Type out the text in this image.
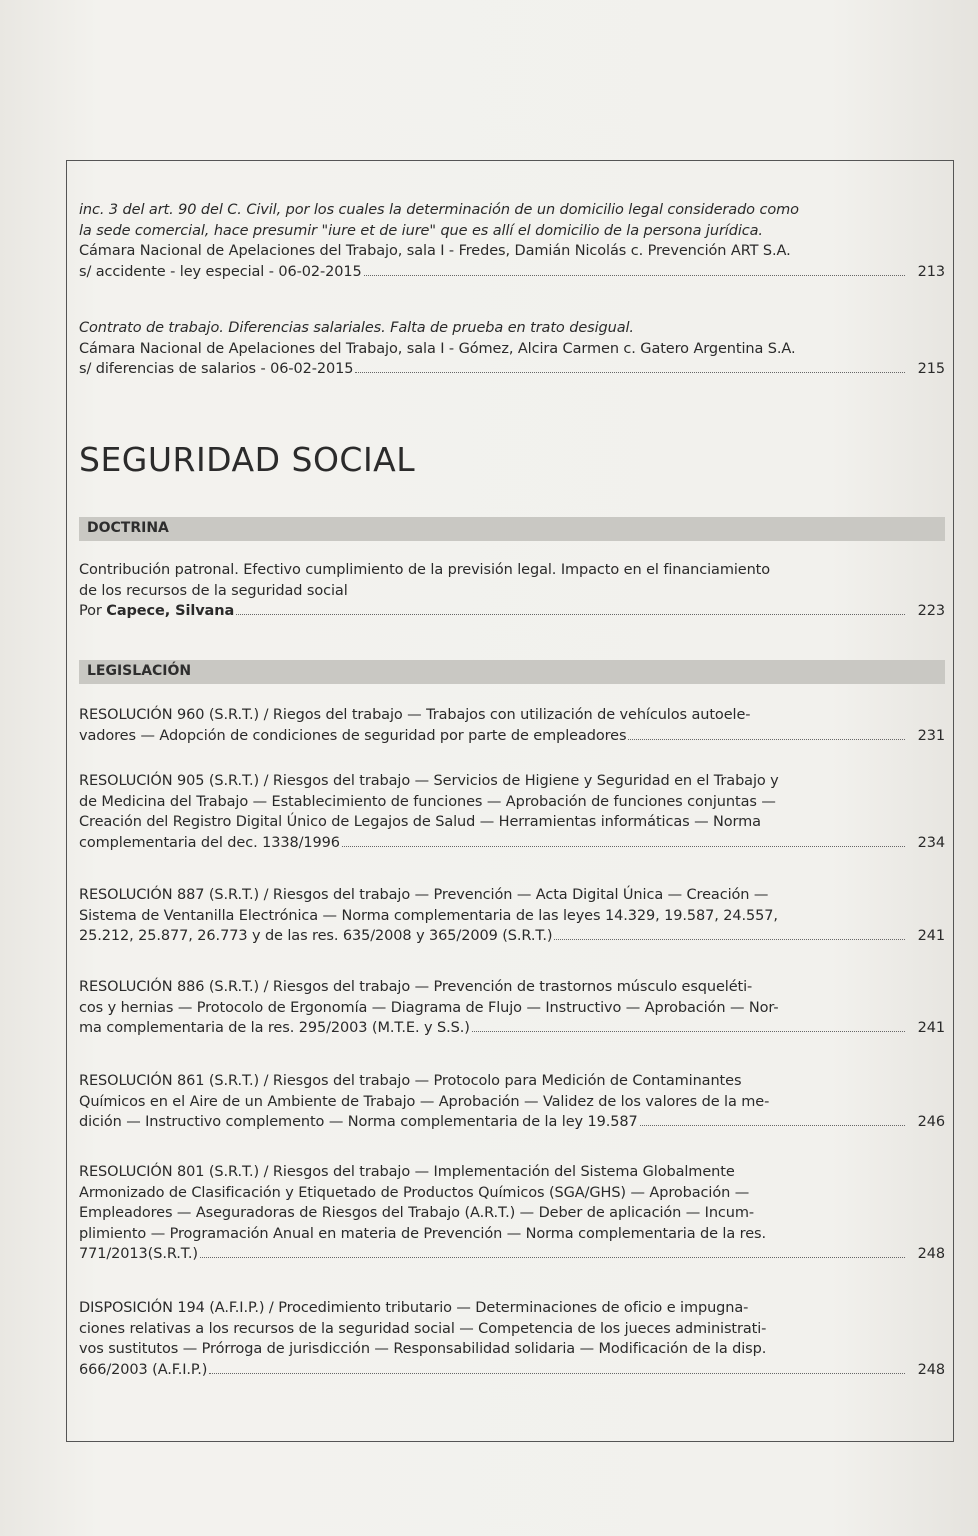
inc. 3 del art. 90 del C. Civil, por los cuales la determinación de un domicilio legal considerado como
la sede comercial, hace presumir "iure et de iure" que es allí el domicilio de la persona jurídica.
Cámara Nacional de Apelaciones del Trabajo, sala I - Fredes, Damián Nicolás c. Prevención ART S.A.
s/ accidente - ley especial - 06-02-2015	213
Contrato de trabajo. Diferencias salariales. Falta de prueba en trato desigual.
Cámara Nacional de Apelaciones del Trabajo, sala I - Gómez, Alcira Carmen c. Gatero Argentina S.A.
s/ diferencias de salarios - 06-02-2015	215
SEGURIDAD SOCIAL
DOCTRINA
Contribución patronal. Efectivo cumplimiento de la previsión legal. Impacto en el financiamiento
de los recursos de la seguridad social
Por Capece, Silvana	223
LEGISLACIÓN
RESOLUCIÓN 960 (S.R.T.) / Riegos del trabajo — Trabajos con utilización de vehículos autoele-
vadores — Adopción de condiciones de seguridad por parte de empleadores	231
RESOLUCIÓN 905 (S.R.T.) / Riesgos del trabajo — Servicios de Higiene y Seguridad en el Trabajo y
de Medicina del Trabajo — Establecimiento de funciones — Aprobación de funciones conjuntas —
Creación del Registro Digital Único de Legajos de Salud — Herramientas informáticas — Norma
complementaria del dec. 1338/1996	234
RESOLUCIÓN 887 (S.R.T.) / Riesgos del trabajo — Prevención — Acta Digital Única — Creación —
Sistema de Ventanilla Electrónica — Norma complementaria de las leyes 14.329, 19.587, 24.557,
25.212, 25.877, 26.773 y de las res. 635/2008 y 365/2009 (S.R.T.)	241
RESOLUCIÓN 886 (S.R.T.) / Riesgos del trabajo — Prevención de trastornos músculo esqueléti-
cos y hernias — Protocolo de Ergonomía — Diagrama de Flujo — Instructivo — Aprobación — Nor-
ma complementaria de la res. 295/2003 (M.T.E. y S.S.)	241
RESOLUCIÓN 861 (S.R.T.) / Riesgos del trabajo — Protocolo para Medición de Contaminantes
Químicos en el Aire de un Ambiente de Trabajo — Aprobación — Validez de los valores de la me-
dición — Instructivo complemento — Norma complementaria de la ley 19.587	246
RESOLUCIÓN 801 (S.R.T.) / Riesgos del trabajo — Implementación del Sistema Globalmente
Armonizado de Clasificación y Etiquetado de Productos Químicos (SGA/GHS) — Aprobación —
Empleadores — Aseguradoras de Riesgos del Trabajo (A.R.T.) — Deber de aplicación — Incum-
plimiento — Programación Anual en materia de Prevención — Norma complementaria de la res.
771/2013(S.R.T.)	248
DISPOSICIÓN 194 (A.F.I.P.) / Procedimiento tributario — Determinaciones de oficio e impugna-
ciones relativas a los recursos de la seguridad social — Competencia de los jueces administrati-
vos sustitutos — Prórroga de jurisdicción — Responsabilidad solidaria — Modificación de la disp.
666/2003 (A.F.I.P.)	248
